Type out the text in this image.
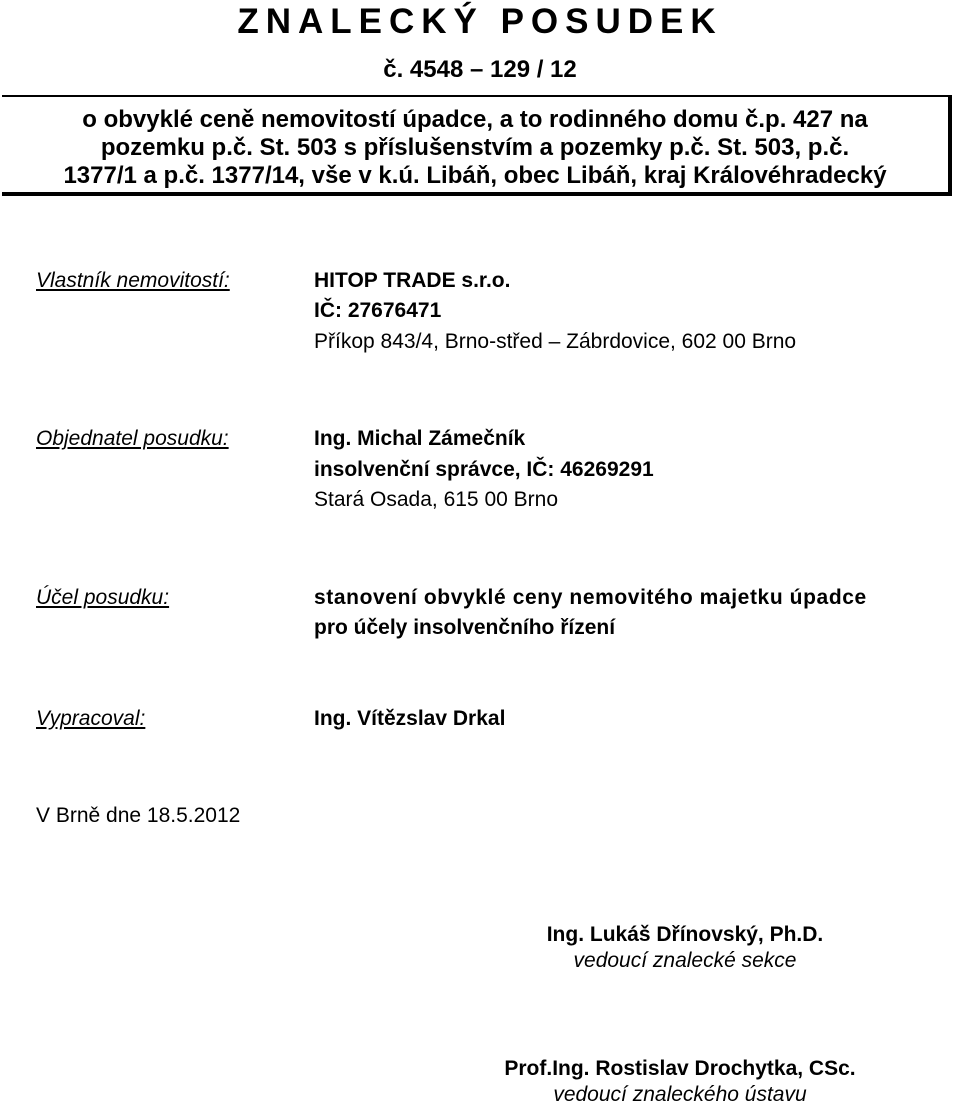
ZNALECKÝ POSUDEK
č. 4548 – 129 / 12
o obvyklé ceně nemovitostí úpadce, a to rodinného domu č.p. 427 na
pozemku p.č. St. 503 s příslušenstvím a pozemky p.č. St. 503, p.č.
1377/1 a p.č. 1377/14, vše v k.ú. Libáň, obec Libáň, kraj Královéhradecký
Vlastník nemovitostí:	HITOP TRADE s.r.o.
IČ: 27676471
Příkop 843/4, Brno-střed – Zábrdovice, 602 00 Brno
Objednatel posudku:	Ing. Michal Zámečník
insolvenční správce, IČ: 46269291
Stará Osada, 615 00 Brno
Účel posudku:	stanovení obvyklé ceny nemovitého majetku úpadce
pro účely insolvenčního řízení
Vypracoval:	Ing. Vítězslav Drkal
V Brně dne 18.5.2012
Ing. Lukáš Dřínovský, Ph.D.
vedoucí znalecké sekce
Prof.Ing. Rostislav Drochytka, CSc.
vedoucí znaleckého ústavu
